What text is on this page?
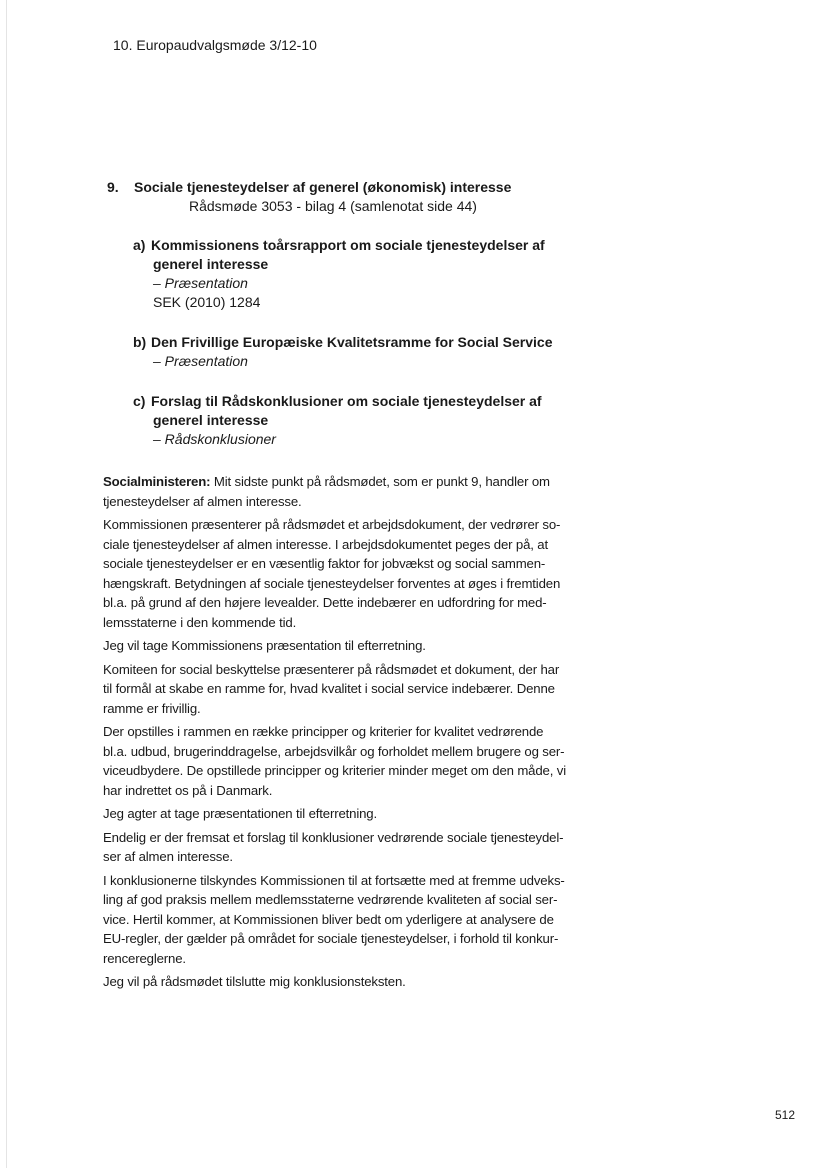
10. Europaudvalgsmøde 3/12-10
9. Sociale tjenesteydelser af generel (økonomisk) interesse
Rådsmøde 3053 - bilag 4 (samlenotat side 44)
a) Kommissionens toårsrapport om sociale tjenesteydelser af
generel interesse
– Præsentation
SEK (2010) 1284
b) Den Frivillige Europæiske Kvalitetsramme for Social Service
– Præsentation
c) Forslag til Rådskonklusioner om sociale tjenesteydelser af
generel interesse
– Rådskonklusioner

Socialministeren: Mit sidste punkt på rådsmødet, som er punkt 9, handler om
tjenesteydelser af almen interesse.

Kommissionen præsenterer på rådsmødet et arbejdsdokument, der vedrører so-
ciale tjenesteydelser af almen interesse. I arbejdsdokumentet peges der på, at
sociale tjenesteydelser er en væsentlig faktor for jobvækst og social sammen-
hængskraft. Betydningen af sociale tjenesteydelser forventes at øges i fremtiden
bl.a. på grund af den højere levealder. Dette indebærer en udfordring for med-
lemsstaterne i den kommende tid.

Jeg vil tage Kommissionens præsentation til efterretning.

Komiteen for social beskyttelse præsenterer på rådsmødet et dokument, der har
til formål at skabe en ramme for, hvad kvalitet i social service indebærer. Denne
ramme er frivillig.

Der opstilles i rammen en række principper og kriterier for kvalitet vedrørende
bl.a. udbud, brugerinddragelse, arbejdsvilkår og forholdet mellem brugere og ser-
viceudbydere. De opstillede principper og kriterier minder meget om den måde, vi
har indrettet os på i Danmark.

Jeg agter at tage præsentationen til efterretning.

Endelig er der fremsat et forslag til konklusioner vedrørende sociale tjenesteydel-
ser af almen interesse.

I konklusionerne tilskyndes Kommissionen til at fortsætte med at fremme udveks-
ling af god praksis mellem medlemsstaterne vedrørende kvaliteten af social ser-
vice. Hertil kommer, at Kommissionen bliver bedt om yderligere at analysere de
EU-regler, der gælder på området for sociale tjenesteydelser, i forhold til konkur-
rencereglerne.

Jeg vil på rådsmødet tilslutte mig konklusionsteksten.

512
